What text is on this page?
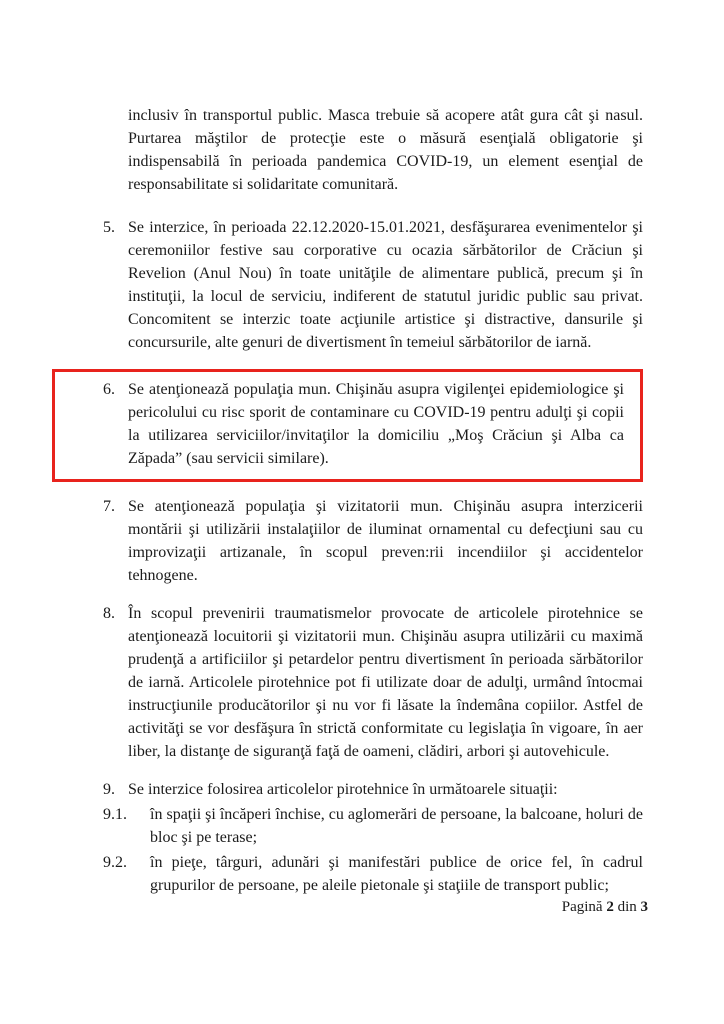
inclusiv în transportul public. Masca trebuie să acopere atât gura cât şi nasul. Purtarea măştilor de protecţie este o măsură esenţială obligatorie şi indispensabilă în perioada pandemica COVID-19, un element esenţial de responsabilitate si solidaritate comunitară.

5. Se interzice, în perioada 22.12.2020-15.01.2021, desfăşurarea evenimentelor şi ceremoniilor festive sau corporative cu ocazia sărbătorilor de Crăciun şi Revelion (Anul Nou) în toate unităţile de alimentare publică, precum şi în instituţii, la locul de serviciu, indiferent de statutul juridic public sau privat. Concomitent se interzic toate acţiunile artistice şi distractive, dansurile şi concursurile, alte genuri de divertisment în temeiul sărbătorilor de iarnă.
6. Se atenţionează populaţia mun. Chişinău asupra vigilenţei epidemiologice şi pericolului cu risc sporit de contaminare cu COVID-19 pentru adulţi şi copii la utilizarea serviciilor/invitaţilor la domiciliu „Moş Crăciun şi Alba ca Zăpada” (sau servicii similare).
7. Se atenţionează populaţia şi vizitatorii mun. Chişinău asupra interzicerii montării şi utilizării instalaţiilor de iluminat ornamental cu defecţiuni sau cu improvizaţii artizanale, în scopul preven:rii incendiilor şi accidentelor tehnogene.
8. În scopul prevenirii traumatismelor provocate de articolele pirotehnice se atenţionează locuitorii şi vizitatorii mun. Chişinău asupra utilizării cu maximă prudenţă a artificiilor şi petardelor pentru divertisment în perioada sărbătorilor de iarnă. Articolele pirotehnice pot fi utilizate doar de adulţi, urmând întocmai instrucţiunile producătorilor şi nu vor fi lăsate la îndemâna copiilor. Astfel de activităţi se vor desfăşura în strictă conformitate cu legislaţia în vigoare, în aer liber, la distanţe de siguranţă faţă de oameni, clădiri, arbori şi autovehicule.
9. Se interzice folosirea articolelor pirotehnice în următoarele situaţii:
9.1.	în spaţii şi încăperi închise, cu aglomerări de persoane, la balcoane, holuri de bloc şi pe terase;
9.2.	în pieţe, târguri, adunări şi manifestări publice de orice fel, în cadrul grupurilor de persoane, pe aleile pietonale şi staţiile de transport public;
Pagină 2 din 3
